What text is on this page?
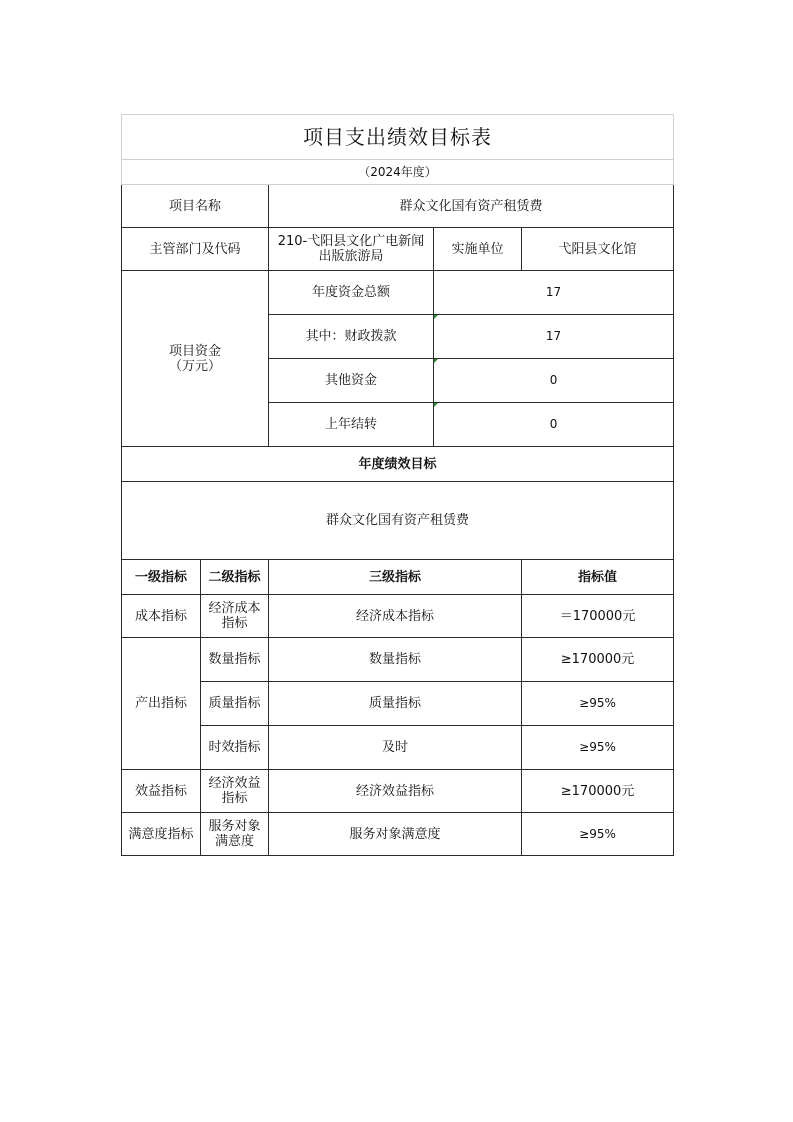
项目支出绩效目标表				
（2024年度）				
项目名称		群众文化国有资产租赁费		
主管部门及代码		210-弋阳县文化广电新闻出版旅游局	实施单位	弋阳县文化馆
项目资金
（万元）		年度资金总额	17	
		其中：财政拨款	17	
		其他资金	0	
		上年结转	0	
年度绩效目标				
群众文化国有资产租赁费				
一级指标	二级指标	三级指标		指标值
成本指标	经济成本指标	经济成本指标		＝170000元
产出指标	数量指标	数量指标		≥170000元
	质量指标	质量指标		≥95%
	时效指标	及时		≥95%
效益指标	经济效益指标	经济效益指标		≥170000元
满意度指标	服务对象满意度	服务对象满意度		≥95%
